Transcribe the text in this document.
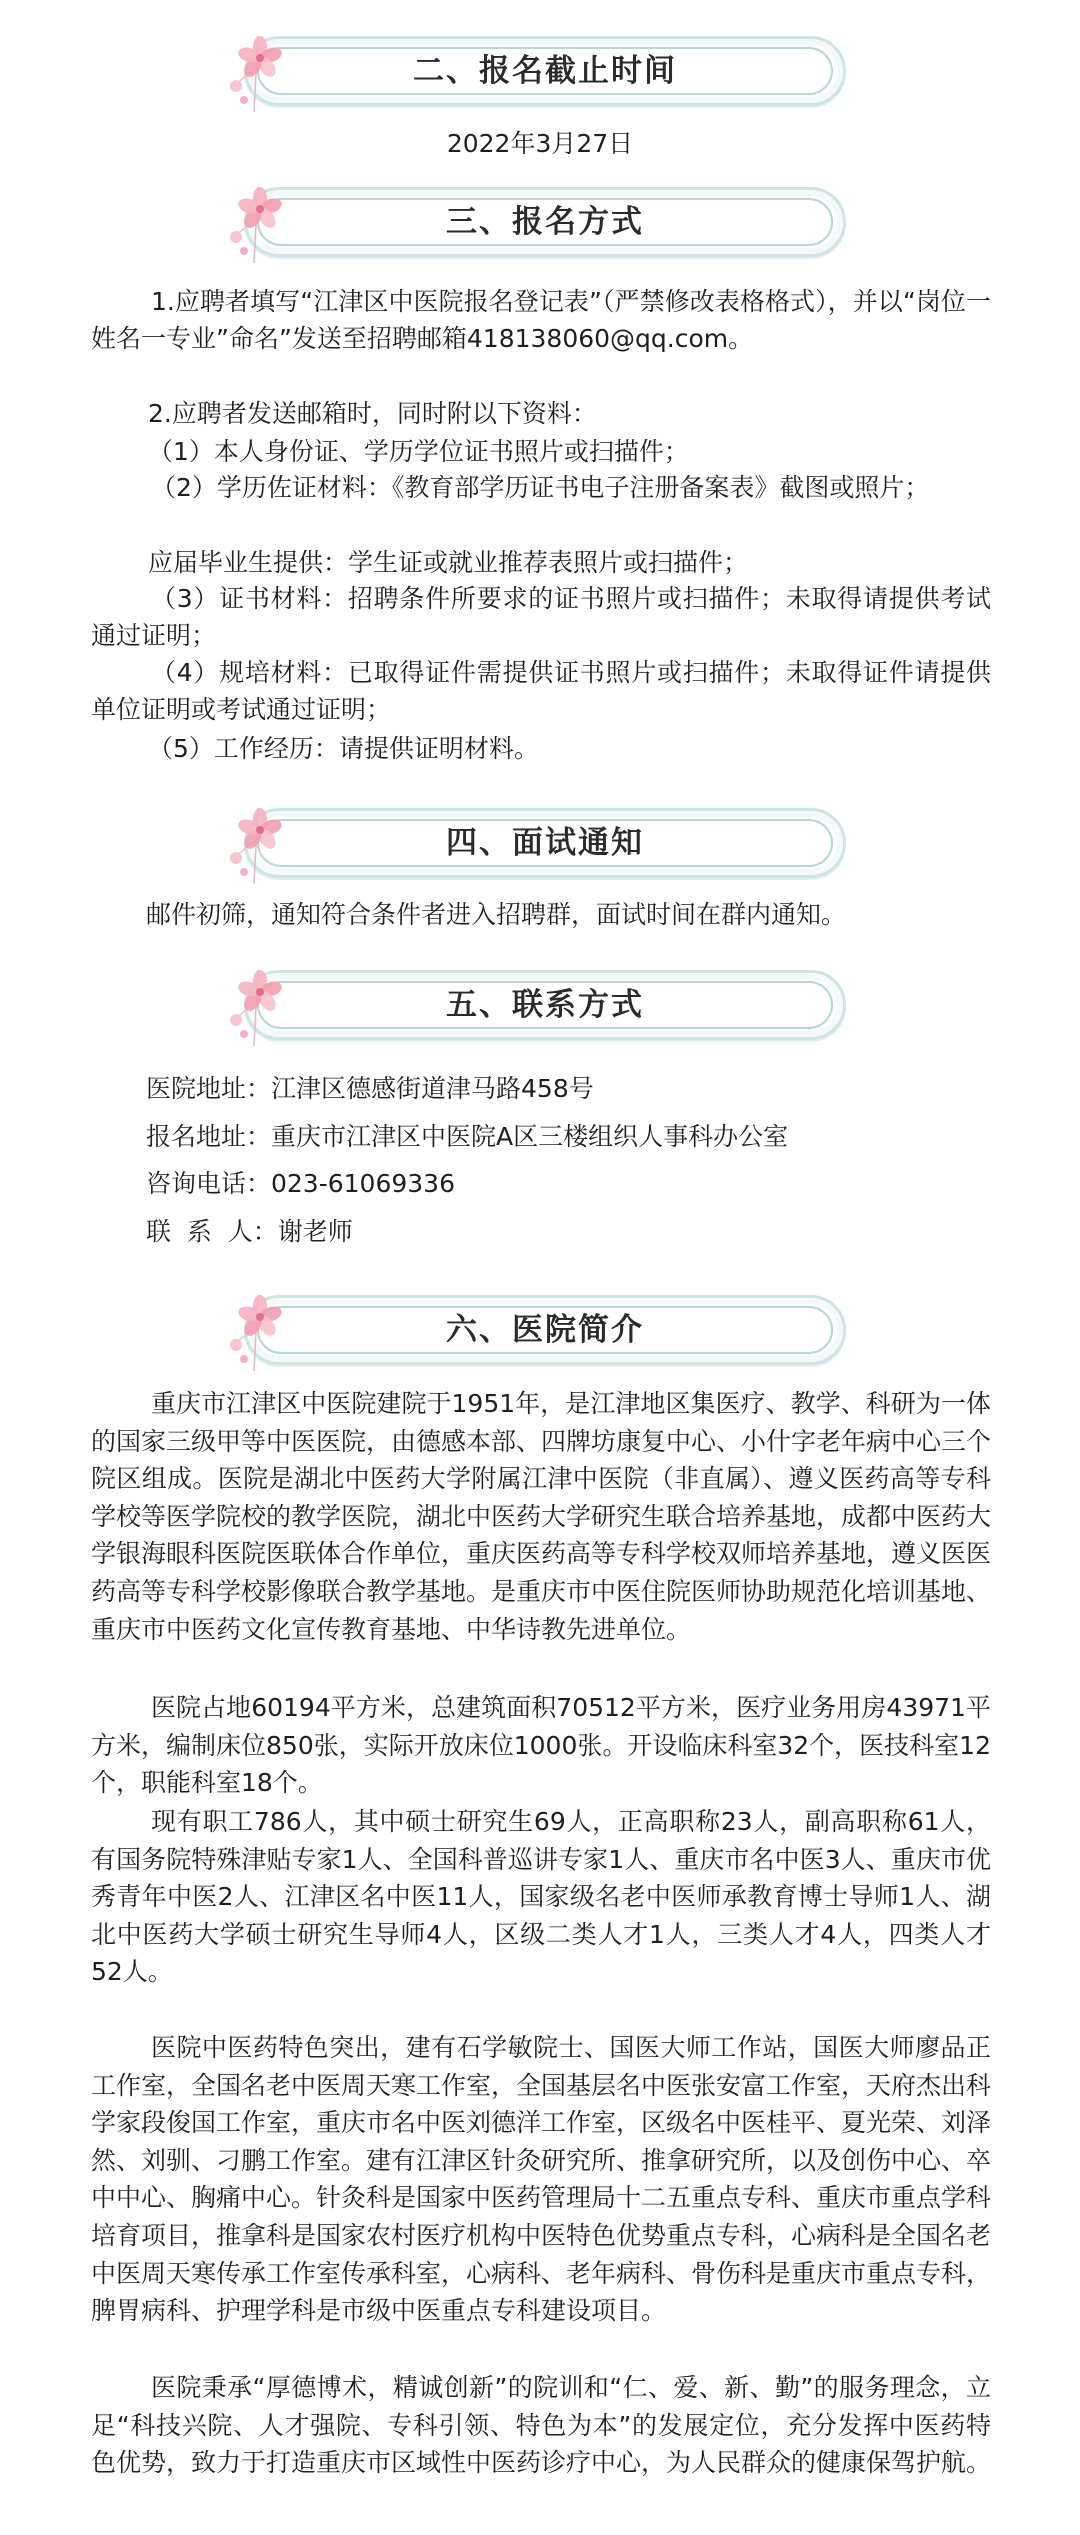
二、报名截止时间
2022年3月27日
三、报名方式
1.应聘者填写“江津区中医院报名登记表”（严禁修改表格格式），并以“岗位一姓名一专业”命名”发送至招聘邮箱418138060@qq.com。
2.应聘者发送邮箱时，同时附以下资料：
（1）本人身份证、学历学位证书照片或扫描件；
（2）学历佐证材料：《教育部学历证书电子注册备案表》截图或照片；
应届毕业生提供：学生证或就业推荐表照片或扫描件；
（3）证书材料：招聘条件所要求的证书照片或扫描件；未取得请提供考试通过证明；
（4）规培材料：已取得证件需提供证书照片或扫描件；未取得证件请提供单位证明或考试通过证明；
（5）工作经历：请提供证明材料。
四、面试通知
邮件初筛，通知符合条件者进入招聘群，面试时间在群内通知。
五、联系方式
医院地址：江津区德感街道津马路458号
报名地址：重庆市江津区中医院A区三楼组织人事科办公室
咨询电话：023-61069336
联  系  人：谢老师
六、医院简介
重庆市江津区中医院建院于1951年，是江津地区集医疗、教学、科研为一体的国家三级甲等中医医院，由德感本部、四牌坊康复中心、小什字老年病中心三个院区组成。医院是湖北中医药大学附属江津中医院（非直属）、遵义医药高等专科学校等医学院校的教学医院，湖北中医药大学研究生联合培养基地，成都中医药大学银海眼科医院医联体合作单位，重庆医药高等专科学校双师培养基地，遵义医医药高等专科学校影像联合教学基地。是重庆市中医住院医师协助规范化培训基地、重庆市中医药文化宣传教育基地、中华诗教先进单位。
医院占地60194平方米，总建筑面积70512平方米，医疗业务用房43971平方米，编制床位850张，实际开放床位1000张。开设临床科室32个，医技科室12个，职能科室18个。
现有职工786人，其中硕士研究生69人，正高职称23人，副高职称61人，有国务院特殊津贴专家1人、全国科普巡讲专家1人、重庆市名中医3人、重庆市优秀青年中医2人、江津区名中医11人，国家级名老中医师承教育博士导师1人、湖北中医药大学硕士研究生导师4人，区级二类人才1人，三类人才4人，四类人才52人。
医院中医药特色突出，建有石学敏院士、国医大师工作站，国医大师廖品正工作室，全国名老中医周天寒工作室，全国基层名中医张安富工作室，天府杰出科学家段俊国工作室，重庆市名中医刘德洋工作室，区级名中医桂平、夏光荣、刘泽然、刘驯、刁鹏工作室。建有江津区针灸研究所、推拿研究所，以及创伤中心、卒中中心、胸痛中心。针灸科是国家中医药管理局十二五重点专科、重庆市重点学科培育项目，推拿科是国家农村医疗机构中医特色优势重点专科，心病科是全国名老中医周天寒传承工作室传承科室，心病科、老年病科、骨伤科是重庆市重点专科，脾胃病科、护理学科是市级中医重点专科建设项目。
医院秉承“厚德博术，精诚创新”的院训和“仁、爱、新、勤”的服务理念，立足“科技兴院、人才强院、专科引领、特色为本”的发展定位，充分发挥中医药特色优势，致力于打造重庆市区域性中医药诊疗中心，为人民群众的健康保驾护航。
